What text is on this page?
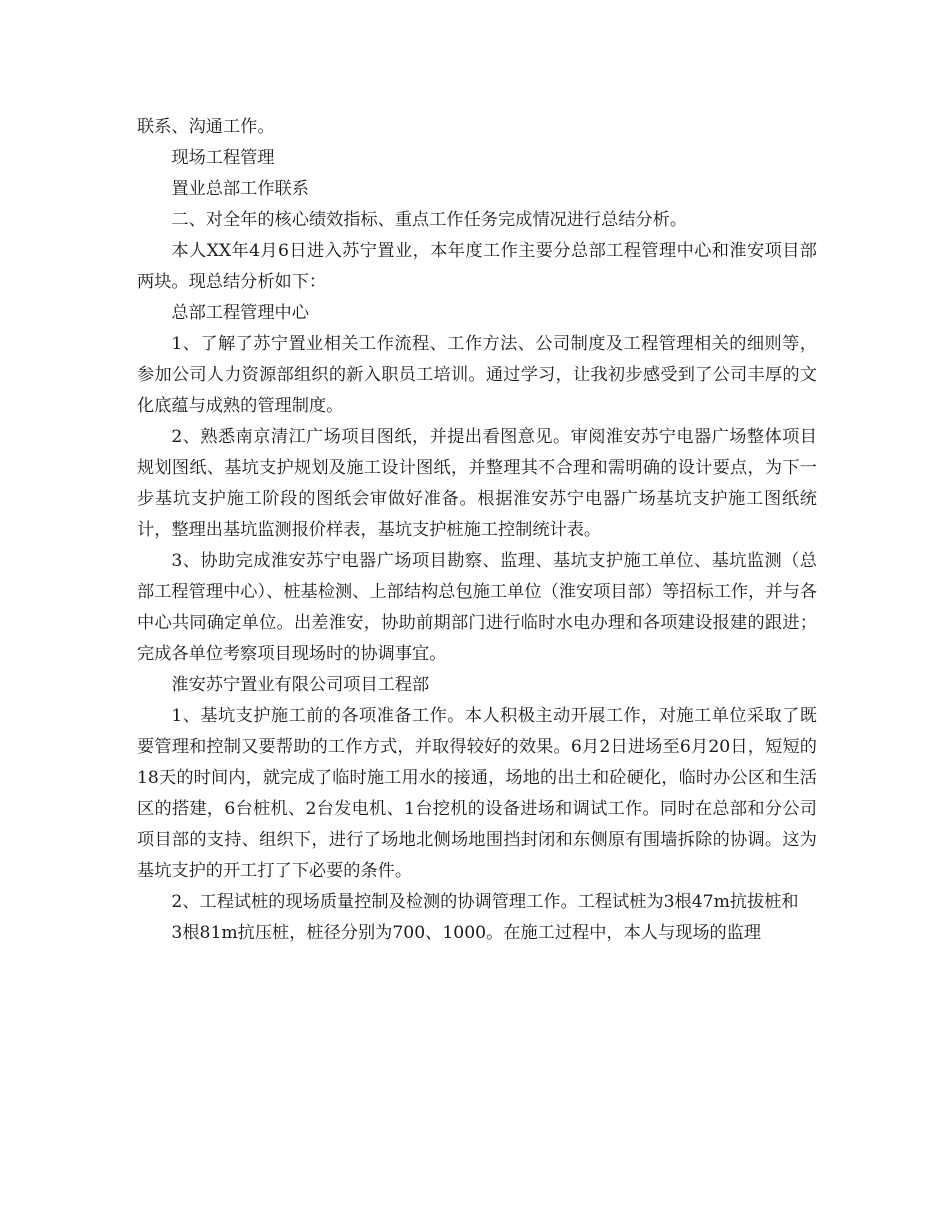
联系、沟通工作。

现场工程管理

置业总部工作联系

二、对全年的核心绩效指标、重点工作任务完成情况进行总结分析。

本人XX年4月6日进入苏宁置业，本年度工作主要分总部工程管理中心和淮安项目部两块。现总结分析如下：

总部工程管理中心

1、了解了苏宁置业相关工作流程、工作方法、公司制度及工程管理相关的细则等，参加公司人力资源部组织的新入职员工培训。通过学习，让我初步感受到了公司丰厚的文化底蕴与成熟的管理制度。

2、熟悉南京清江广场项目图纸，并提出看图意见。审阅淮安苏宁电器广场整体项目规划图纸、基坑支护规划及施工设计图纸，并整理其不合理和需明确的设计要点，为下一步基坑支护施工阶段的图纸会审做好准备。根据淮安苏宁电器广场基坑支护施工图纸统计，整理出基坑监测报价样表，基坑支护桩施工控制统计表。

3、协助完成淮安苏宁电器广场项目勘察、监理、基坑支护施工单位、基坑监测（总部工程管理中心）、桩基检测、上部结构总包施工单位（淮安项目部）等招标工作，并与各中心共同确定单位。出差淮安，协助前期部门进行临时水电办理和各项建设报建的跟进；完成各单位考察项目现场时的协调事宜。

淮安苏宁置业有限公司项目工程部

1、基坑支护施工前的各项准备工作。本人积极主动开展工作，对施工单位采取了既要管理和控制又要帮助的工作方式，并取得较好的效果。6月2日进场至6月20日，短短的18天的时间内，就完成了临时施工用水的接通，场地的出土和砼硬化，临时办公区和生活区的搭建，6台桩机、2台发电机、1台挖机的设备进场和调试工作。同时在总部和分公司项目部的支持、组织下，进行了场地北侧场地围挡封闭和东侧原有围墙拆除的协调。这为基坑支护的开工打了下必要的条件。

2、工程试桩的现场质量控制及检测的协调管理工作。工程试桩为3根47m抗拔桩和

3根81m抗压桩，桩径分别为700、1000。在施工过程中，本人与现场的监理
